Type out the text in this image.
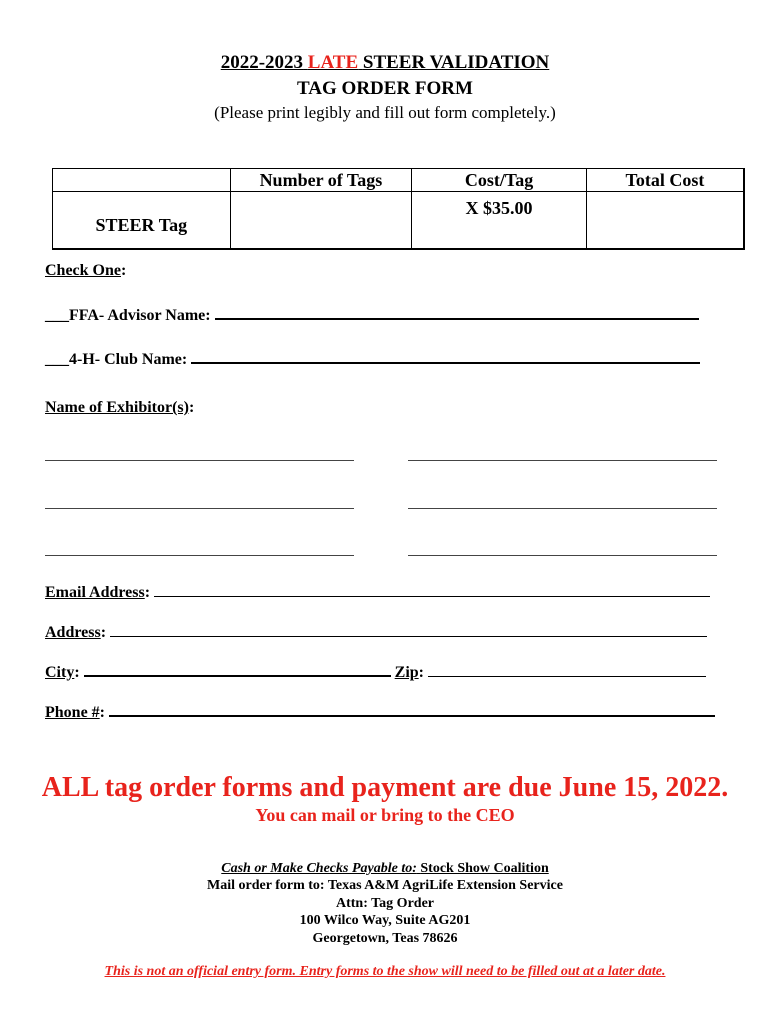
2022-2023 LATE STEER VALIDATION
TAG ORDER FORM
(Please print legibly and fill out form completely.)
	Number of Tags	Cost/Tag	Total Cost
STEER Tag		X $35.00	
Check One:
___FFA- Advisor Name:
___4-H- Club Name:
Name of Exhibitor(s):
Email Address:
Address:
City:	Zip:
Phone #:
ALL tag order forms and payment are due June 15, 2022.
You can mail or bring to the CEO
Cash or Make Checks Payable to: Stock Show Coalition
Mail order form to: Texas A&M AgriLife Extension Service
Attn: Tag Order
100 Wilco Way, Suite AG201
Georgetown, Teas 78626
This is not an official entry form. Entry forms to the show will need to be filled out at a later date.
